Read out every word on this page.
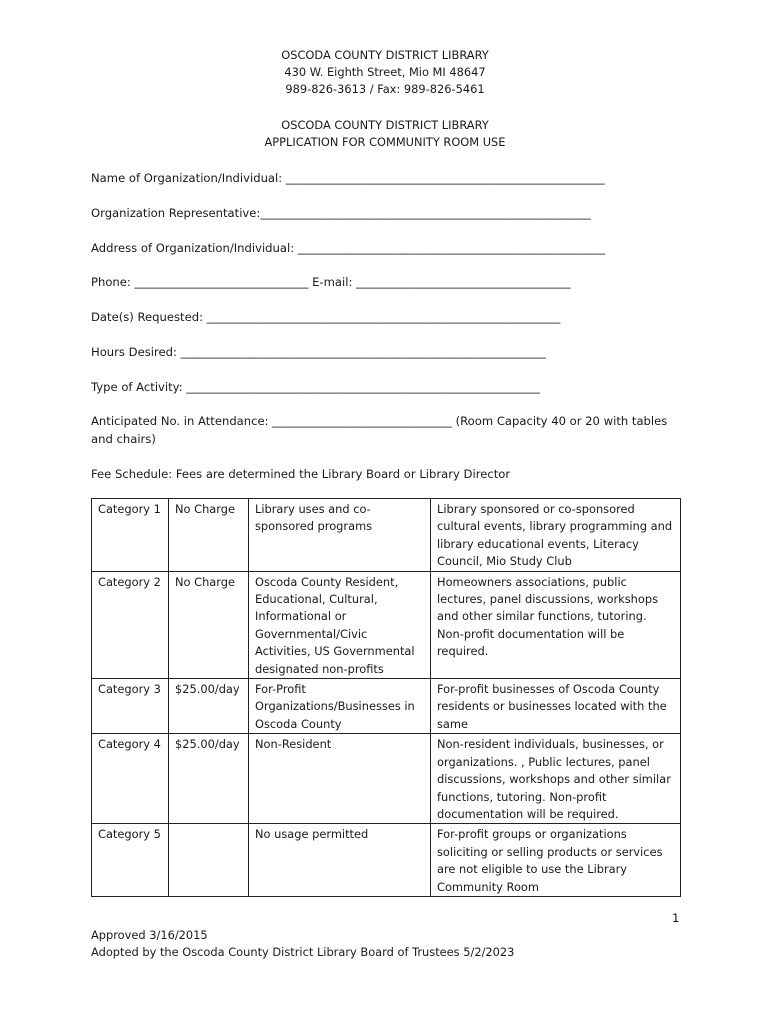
OSCODA COUNTY DISTRICT LIBRARY
430 W. Eighth Street, Mio MI 48647
989-826-3613 / Fax: 989-826-5461
OSCODA COUNTY DISTRICT LIBRARY
APPLICATION FOR COMMUNITY ROOM USE
Name of Organization/Individual: _______________________________________________________
Organization Representative:_________________________________________________________
Address of Organization/Individual: _____________________________________________________
Phone: ______________________________ E-mail: _____________________________________
Date(s) Requested: _____________________________________________________________
Hours Desired: _______________________________________________________________
Type of Activity: _____________________________________________________________
Anticipated No. in Attendance: _______________________________ (Room Capacity 40 or 20 with tables and chairs)
Fee Schedule: Fees are determined the Library Board or Library Director
Category 1	No Charge	Library uses and co-sponsored programs	Library sponsored or co-sponsored cultural events, library programming and library educational events, Literacy Council, Mio Study Club
Category 2	No Charge	Oscoda County Resident, Educational, Cultural, Informational or Governmental/Civic Activities, US Governmental designated non-profits	Homeowners associations, public lectures, panel discussions, workshops and other similar functions, tutoring. Non-profit documentation will be required.
Category 3	$25.00/day	For-Profit Organizations/Businesses in Oscoda County	For-profit businesses of Oscoda County residents or businesses located with the same
Category 4	$25.00/day	Non-Resident	Non-resident individuals, businesses, or organizations. , Public lectures, panel discussions, workshops and other similar functions, tutoring. Non-profit documentation will be required.
Category 5		No usage permitted	For-profit groups or organizations soliciting or selling products or services are not eligible to use the Library Community Room
1
Approved 3/16/2015
Adopted by the Oscoda County District Library Board of Trustees 5/2/2023
